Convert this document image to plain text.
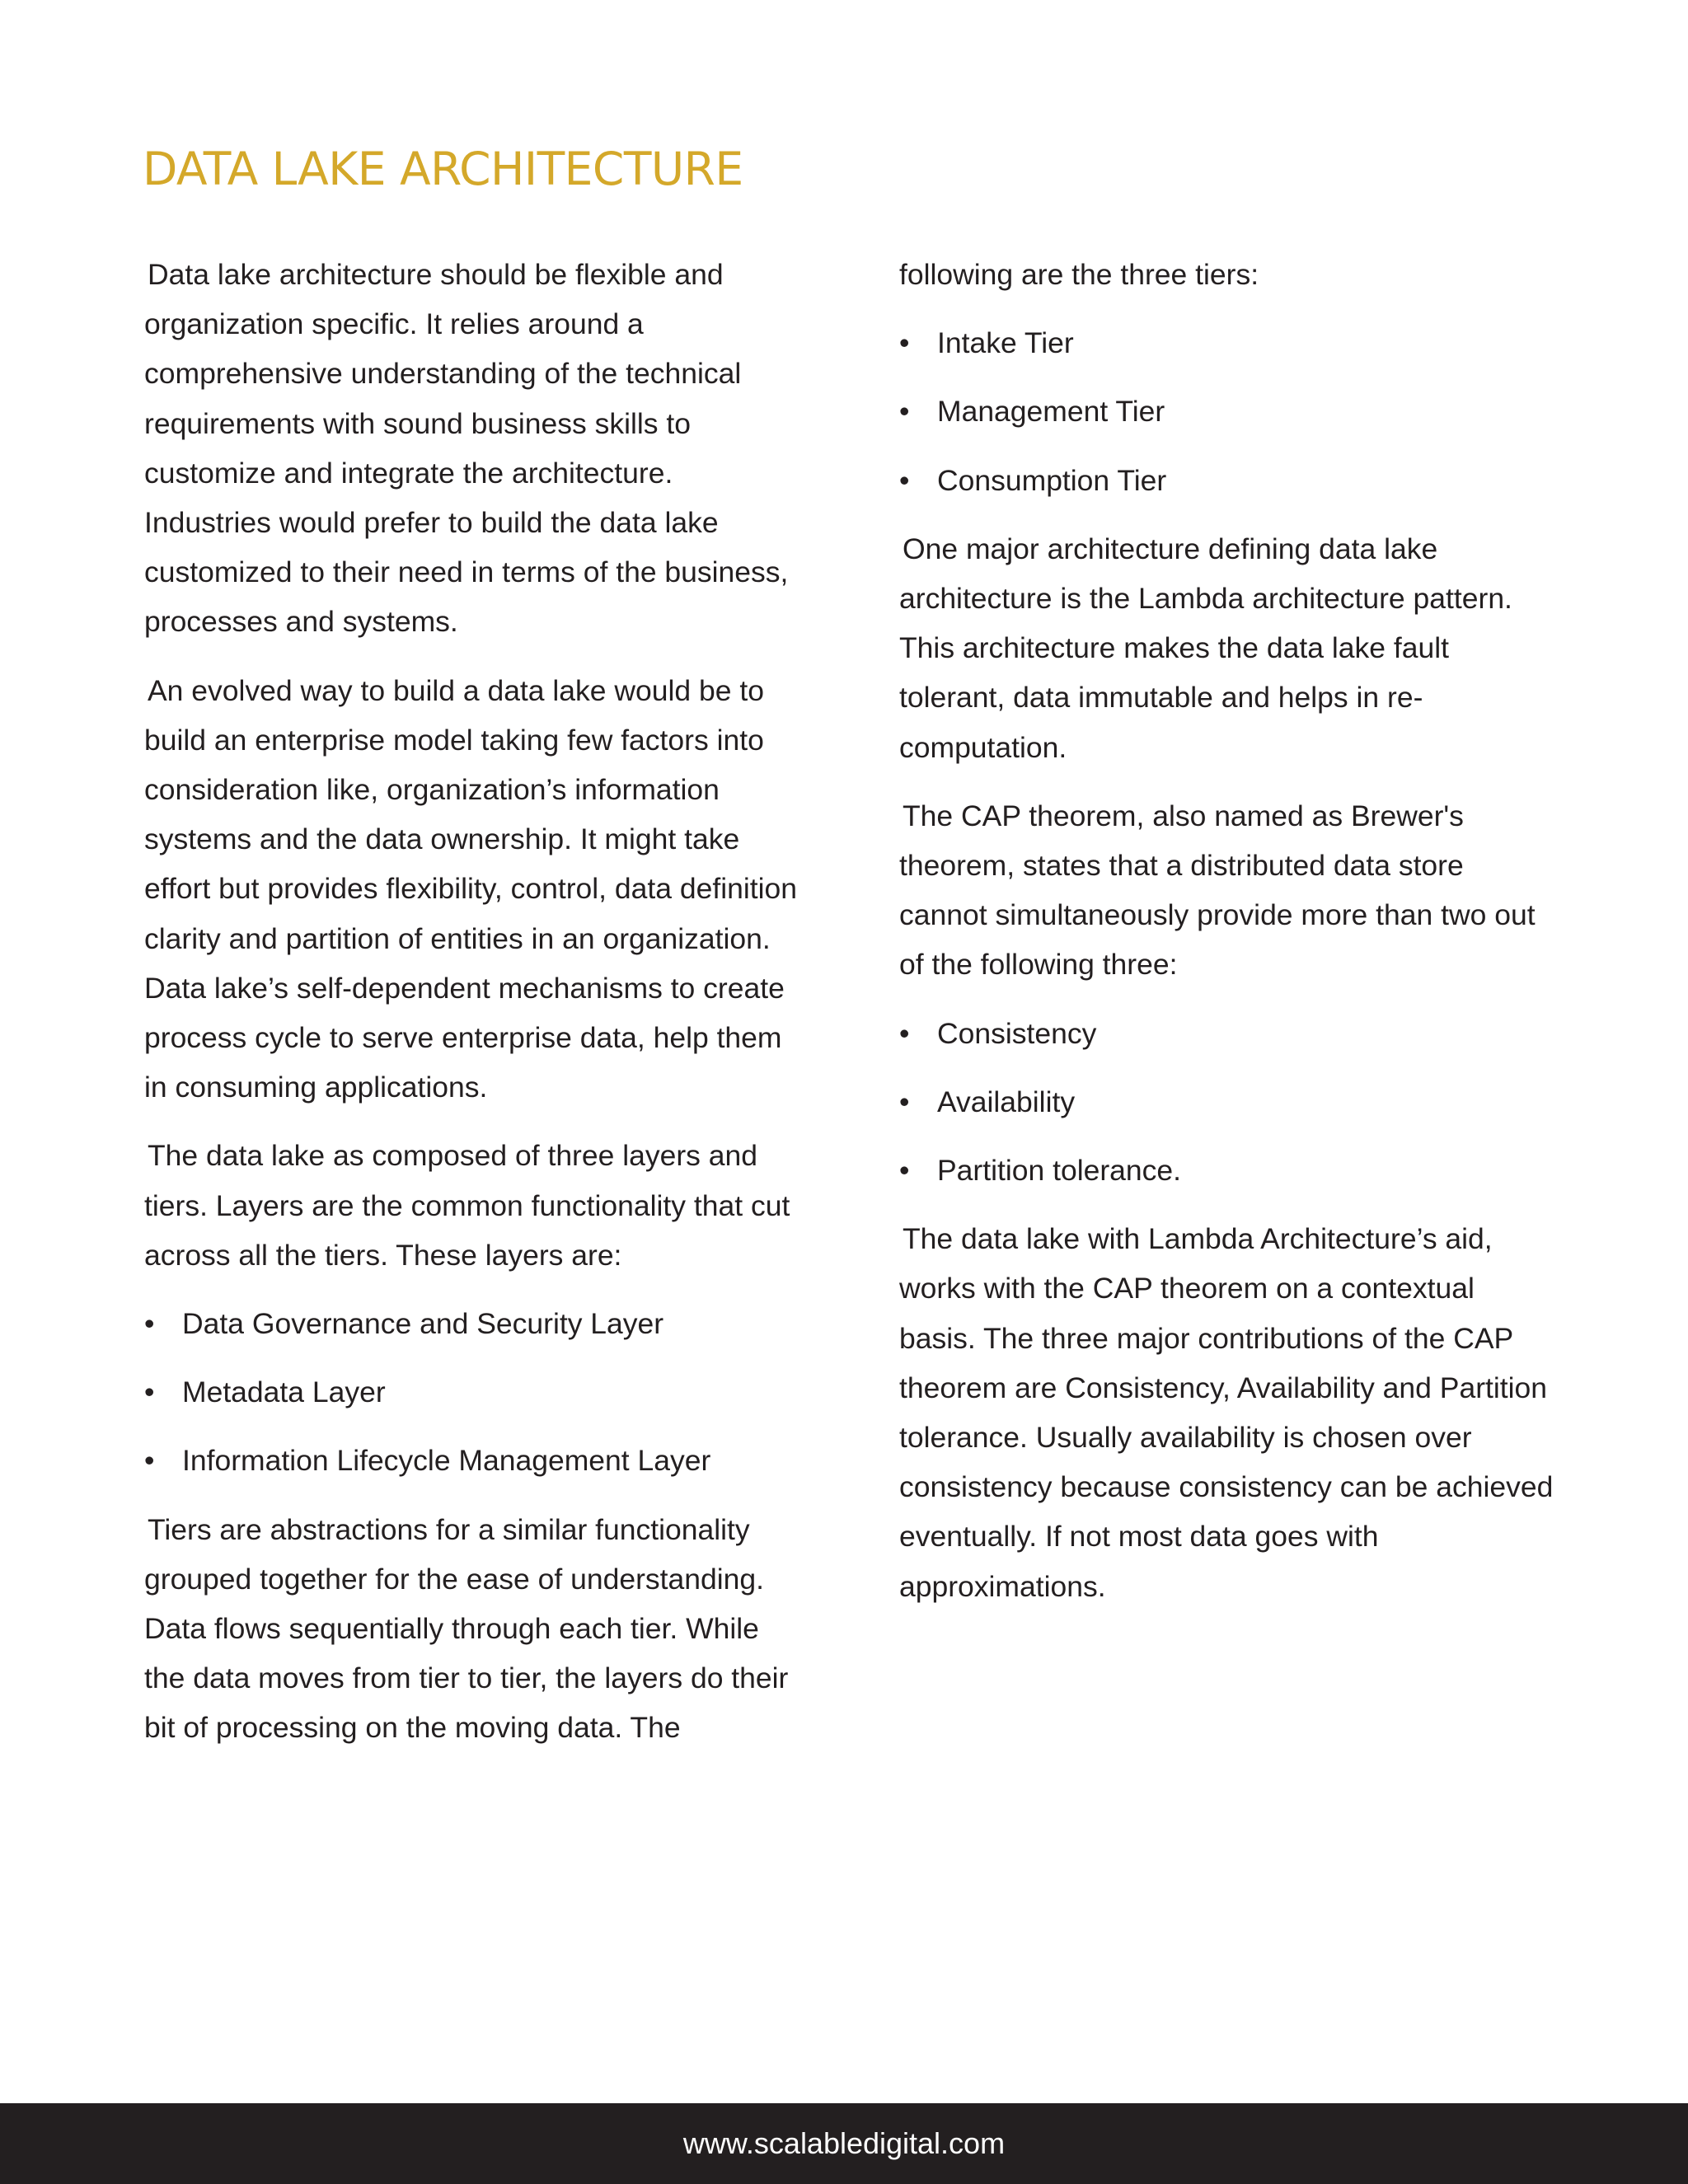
DATA LAKE ARCHITECTURE

Data lake architecture should be flexible and organization specific. It relies around a comprehensive understanding of the technical requirements with sound business skills to customize and integrate the architecture. Industries would prefer to build the data lake customized to their need in terms of the business, processes and systems.

An evolved way to build a data lake would be to build an enterprise model taking few factors into consideration like, organization’s information systems and the data ownership. It might take effort but provides flexibility, control, data definition clarity and partition of entities in an organization. Data lake’s self-dependent mechanisms to create process cycle to serve enterprise data, help them in consuming applications.

The data lake as composed of three layers and tiers. Layers are the common functionality that cut across all the tiers. These layers are:

• Data Governance and Security Layer
• Metadata Layer
• Information Lifecycle Management Layer

Tiers are abstractions for a similar functionality grouped together for the ease of understanding. Data flows sequentially through each tier. While the data moves from tier to tier, the layers do their bit of processing on the moving data. The

following are the three tiers:

• Intake Tier
• Management Tier
• Consumption Tier

One major architecture defining data lake architecture is the Lambda architecture pattern. This architecture makes the data lake fault tolerant, data immutable and helps in re-computation.

The CAP theorem, also named as Brewer's theorem, states that a distributed data store cannot simultaneously provide more than two out of the following three:

• Consistency
• Availability
• Partition tolerance.

The data lake with Lambda Architecture’s aid, works with the CAP theorem on a contextual basis. The three major contributions of the CAP theorem are Consistency, Availability and Partition tolerance. Usually availability is chosen over consistency because consistency can be achieved eventually. If not most data goes with approximations.

www.scalabledigital.com
